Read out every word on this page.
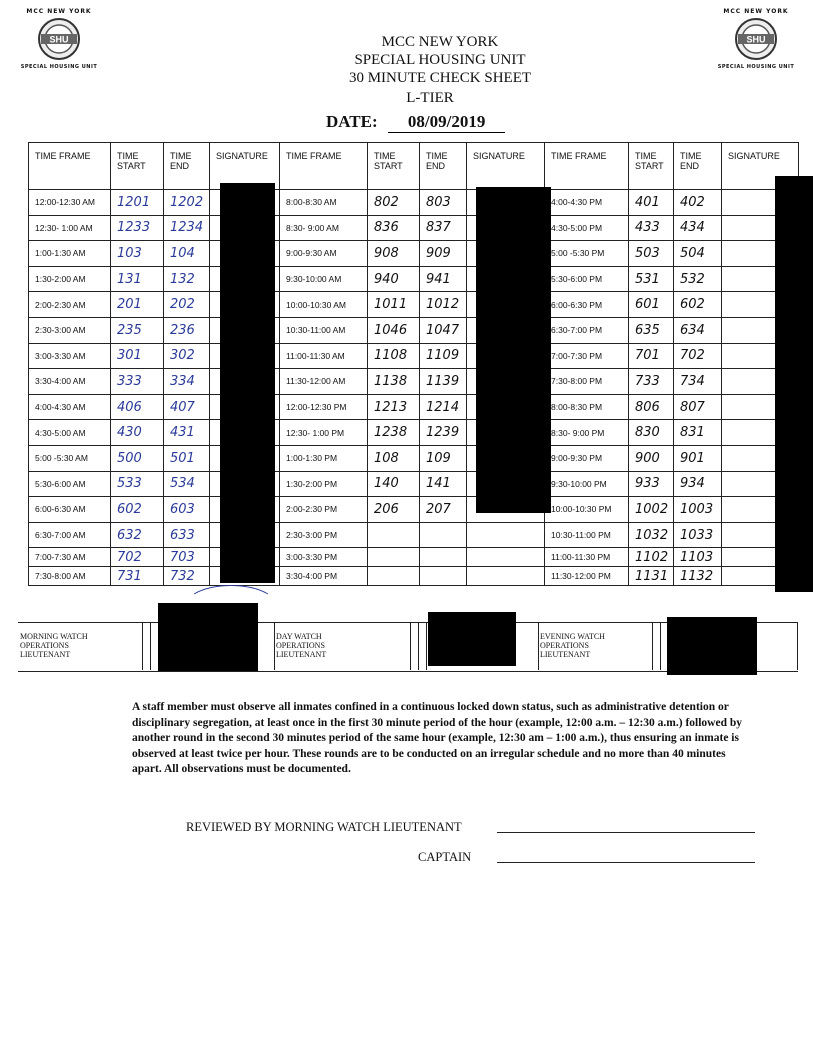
MCC NEW YORK
SHU
SPECIAL HOUSING UNIT
MCC NEW YORK
SHU
SPECIAL HOUSING UNIT
MCC NEW YORK
SPECIAL HOUSING UNIT
30 MINUTE CHECK SHEET
L-TIER
DATE: 08/09/2019
TIME FRAME	TIME START	TIME END	SIGNATURE	TIME FRAME	TIME START	TIME END	SIGNATURE	TIME FRAME	TIME START	TIME END	SIGNATURE
12:00-12:30 AM	1201	1202		8:00-8:30 AM	802	803		4:00-4:30 PM	401	402	
12:30- 1:00 AM	1233	1234		8:30- 9:00 AM	836	837		4:30-5:00 PM	433	434	
1:00-1:30 AM	103	104		9:00-9:30 AM	908	909		5:00 -5:30 PM	503	504	
1:30-2:00 AM	131	132		9:30-10:00 AM	940	941		5:30-6:00 PM	531	532	
2:00-2:30 AM	201	202		10:00-10:30 AM	1011	1012		6:00-6:30 PM	601	602	
2:30-3:00 AM	235	236		10:30-11:00 AM	1046	1047		6:30-7:00 PM	635	634	
3:00-3:30 AM	301	302		11:00-11:30 AM	1108	1109		7:00-7:30 PM	701	702	
3:30-4:00 AM	333	334		11:30-12:00 AM	1138	1139		7:30-8:00 PM	733	734	
4:00-4:30 AM	406	407		12:00-12:30 PM	1213	1214		8:00-8:30 PM	806	807	
4:30-5:00 AM	430	431		12:30- 1:00 PM	1238	1239		8:30- 9:00 PM	830	831	
5:00 -5:30 AM	500	501		1:00-1:30 PM	108	109		9:00-9:30 PM	900	901	
5:30-6:00 AM	533	534		1:30-2:00 PM	140	141		9:30-10:00 PM	933	934	
6:00-6:30 AM	602	603		2:00-2:30 PM	206	207		10:00-10:30 PM	1002	1003	
6:30-7:00 AM	632	633		2:30-3:00 PM				10:30-11:00 PM	1032	1033	
7:00-7:30 AM	702	703		3:00-3:30 PM				11:00-11:30 PM	1102	1103	
7:30-8:00 AM	731	732		3:30-4:00 PM				11:30-12:00 PM	1131	1132	
MORNING WATCH
OPERATIONS
LIEUTENANT
DAY WATCH
OPERATIONS
LIEUTENANT
EVENING WATCH
OPERATIONS
LIEUTENANT
A staff member must observe all inmates confined in a continuous locked down status, such as administrative detention or disciplinary segregation, at least once in the first 30 minute period of the hour (example, 12:00 a.m. – 12:30 a.m.) followed by another round in the second 30 minutes period of the same hour (example, 12:30 am – 1:00 a.m.), thus ensuring an inmate is observed at least twice per hour. These rounds are to be conducted on an irregular schedule and no more than 40 minutes apart. All observations must be documented.
REVIEWED BY MORNING WATCH LIEUTENANT
CAPTAIN
